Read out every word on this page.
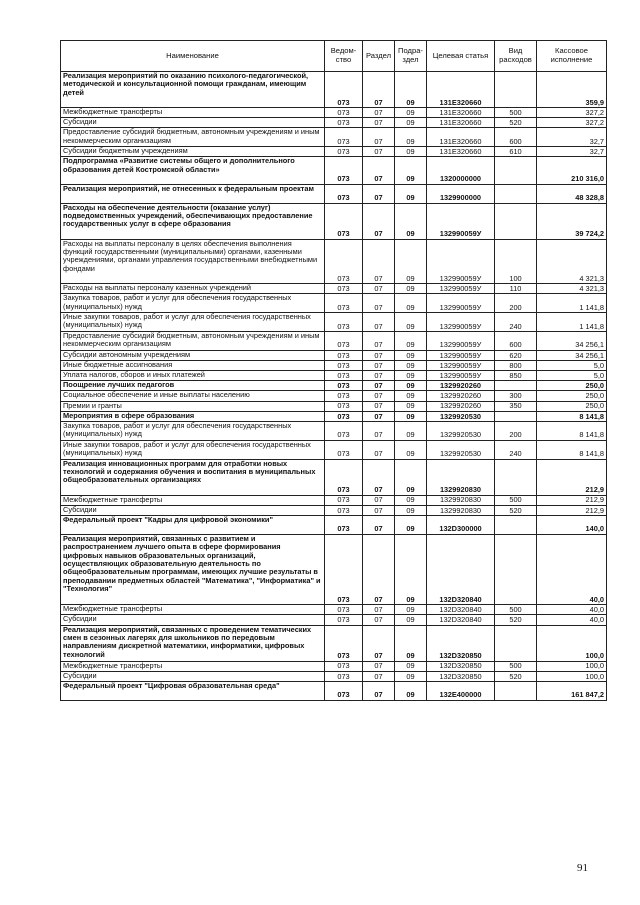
Наименование	Ведом-ство	Раздел	Подра-здел	Целевая статья	Вид расходов	Кассовое исполнение
Реализация мероприятий по оказанию психолого-педагогической, методической и консультационной помощи гражданам, имеющим детей	073	07	09	131E320660		359,9
Межбюджетные трансферты	073	07	09	131E320660	500	327,2
Субсидии	073	07	09	131E320660	520	327,2
Предоставление субсидий бюджетным, автономным учреждениям и иным некоммерческим организациям	073	07	09	131E320660	600	32,7
Субсидии бюджетным учреждениям	073	07	09	131E320660	610	32,7
Подпрограмма «Развитие системы общего и дополнительного образования детей Костромской области»	073	07	09	1320000000		210 316,0
Реализация мероприятий, не отнесенных к федеральным проектам	073	07	09	1329900000		48 328,8
Расходы на обеспечение деятельности (оказание услуг) подведомственных учреждений, обеспечивающих предоставление государственных услуг в сфере образования	073	07	09	132990059У		39 724,2
Расходы на выплаты персоналу в целях обеспечения выполнения функций государственными (муниципальными) органами, казенными учреждениями, органами управления государственными внебюджетными фондами	073	07	09	132990059У	100	4 321,3
Расходы на выплаты персоналу казенных учреждений	073	07	09	132990059У	110	4 321,3
Закупка товаров, работ и услуг для обеспечения государственных (муниципальных) нужд	073	07	09	132990059У	200	1 141,8
Иные закупки товаров, работ и услуг для обеспечения государственных (муниципальных) нужд	073	07	09	132990059У	240	1 141,8
Предоставление субсидий бюджетным, автономным учреждениям и иным некоммерческим организациям	073	07	09	132990059У	600	34 256,1
Субсидии автономным учреждениям	073	07	09	132990059У	620	34 256,1
Иные бюджетные ассигнования	073	07	09	132990059У	800	5,0
Уплата налогов, сборов и иных платежей	073	07	09	132990059У	850	5,0
Поощрение лучших педагогов	073	07	09	1329920260		250,0
Социальное обеспечение и иные выплаты населению	073	07	09	1329920260	300	250,0
Премии и гранты	073	07	09	1329920260	350	250,0
Мероприятия в сфере образования	073	07	09	1329920530		8 141,8
Закупка товаров, работ и услуг для обеспечения государственных (муниципальных) нужд	073	07	09	1329920530	200	8 141,8
Иные закупки товаров, работ и услуг для обеспечения государственных (муниципальных) нужд	073	07	09	1329920530	240	8 141,8
Реализация инновационных программ для отработки новых технологий и содержания обучения и воспитания в муниципальных общеобразовательных организациях	073	07	09	1329920830		212,9
Межбюджетные трансферты	073	07	09	1329920830	500	212,9
Субсидии	073	07	09	1329920830	520	212,9
Федеральный проект "Кадры для цифровой экономики"	073	07	09	132D300000		140,0
Реализация мероприятий, связанных с развитием и распространением лучшего опыта в сфере формирования цифровых навыков образовательных организаций, осуществляющих образовательную деятельность по общеобразовательным программам, имеющих лучшие результаты в преподавании предметных областей "Математика", "Информатика" и "Технология"	073	07	09	132D320840		40,0
Межбюджетные трансферты	073	07	09	132D320840	500	40,0
Субсидии	073	07	09	132D320840	520	40,0
Реализация мероприятий, связанных с проведением тематических смен в сезонных лагерях для школьников по передовым направлениям дискретной математики, информатики, цифровых технологий	073	07	09	132D320850		100,0
Межбюджетные трансферты	073	07	09	132D320850	500	100,0
Субсидии	073	07	09	132D320850	520	100,0
Федеральный проект "Цифровая образовательная среда"	073	07	09	132E400000		161 847,2
91
